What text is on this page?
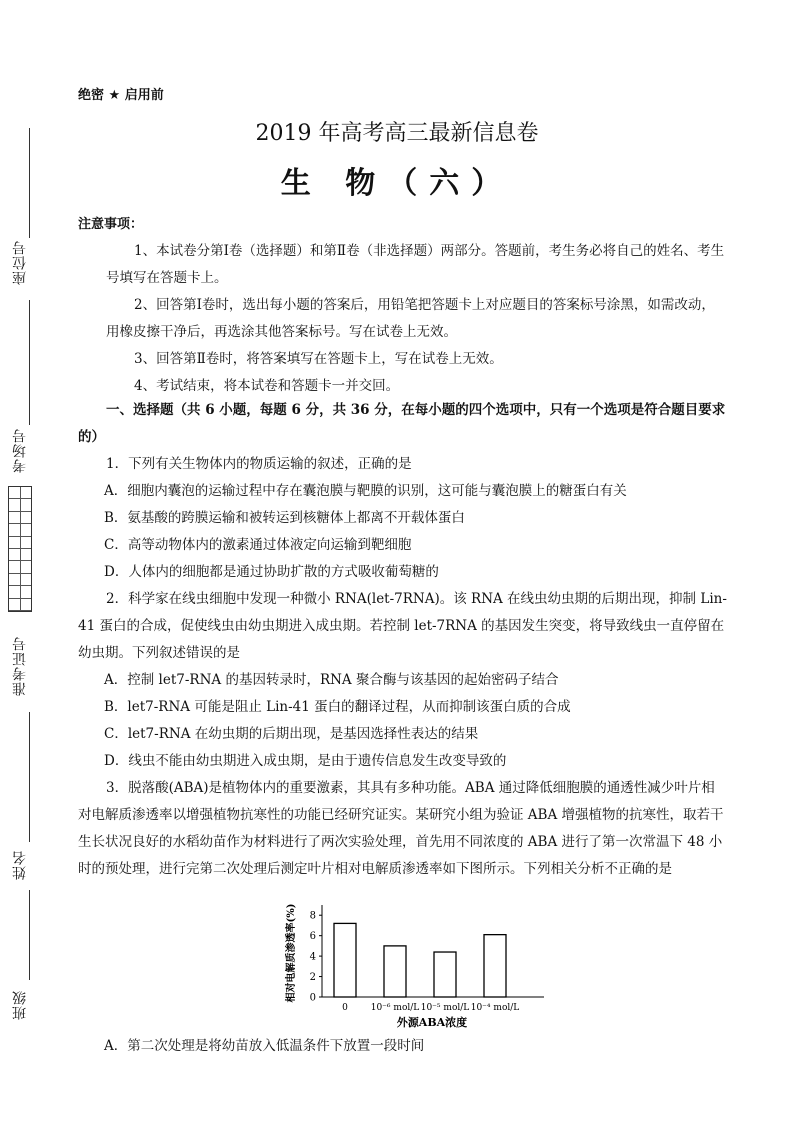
座位号
考场号
准考证号
姓名
班级
绝密 ★ 启用前
2019 年高考高三最新信息卷
生 物（六）
注意事项：
1、本试卷分第Ⅰ卷（选择题）和第Ⅱ卷（非选择题）两部分。答题前，考生务必将自己的姓名、考生号填写在答题卡上。
2、回答第Ⅰ卷时，选出每小题的答案后，用铅笔把答题卡上对应题目的答案标号涂黑，如需改动，用橡皮擦干净后，再选涂其他答案标号。写在试卷上无效。
3、回答第Ⅱ卷时，将答案填写在答题卡上，写在试卷上无效。
4、考试结束，将本试卷和答题卡一并交回。
一、选择题（共 6 小题，每题 6 分，共 36 分，在每小题的四个选项中，只有一个选项是符合题目要求的）
1．下列有关生物体内的物质运输的叙述，正确的是
A．细胞内囊泡的运输过程中存在囊泡膜与靶膜的识别，这可能与囊泡膜上的糖蛋白有关
B．氨基酸的跨膜运输和被转运到核糖体上都离不开载体蛋白
C．高等动物体内的激素通过体液定向运输到靶细胞
D．人体内的细胞都是通过协助扩散的方式吸收葡萄糖的
2．科学家在线虫细胞中发现一种微小 RNA(let-7RNA)。该 RNA 在线虫幼虫期的后期出现，抑制 Lin-41 蛋白的合成，促使线虫由幼虫期进入成虫期。若控制 let-7RNA 的基因发生突变，将导致线虫一直停留在幼虫期。下列叙述错误的是
A．控制 let7-RNA 的基因转录时，RNA 聚合酶与该基因的起始密码子结合
B．let7-RNA 可能是阻止 Lin-41 蛋白的翻译过程，从而抑制该蛋白质的合成
C．let7-RNA 在幼虫期的后期出现，是基因选择性表达的结果
D．线虫不能由幼虫期进入成虫期，是由于遗传信息发生改变导致的
3．脱落酸(ABA)是植物体内的重要激素，其具有多种功能。ABA 通过降低细胞膜的通透性减少叶片相对电解质渗透率以增强植物抗寒性的功能已经研究证实。某研究小组为验证 ABA 增强植物的抗寒性，取若干生长状况良好的水稻幼苗作为材料进行了两次实验处理，首先用不同浓度的 ABA 进行了第一次常温下 48 小时的预处理，进行完第二次处理后测定叶片相对电解质渗透率如下图所示。下列相关分析不正确的是
相对电解质渗透率(%) 0
2
4
6
8
0	10⁻⁶ mol/L 10⁻⁵ mol/L 10⁻⁴ mol/L
外源ABA浓度
A．第二次处理是将幼苗放入低温条件下放置一段时间
